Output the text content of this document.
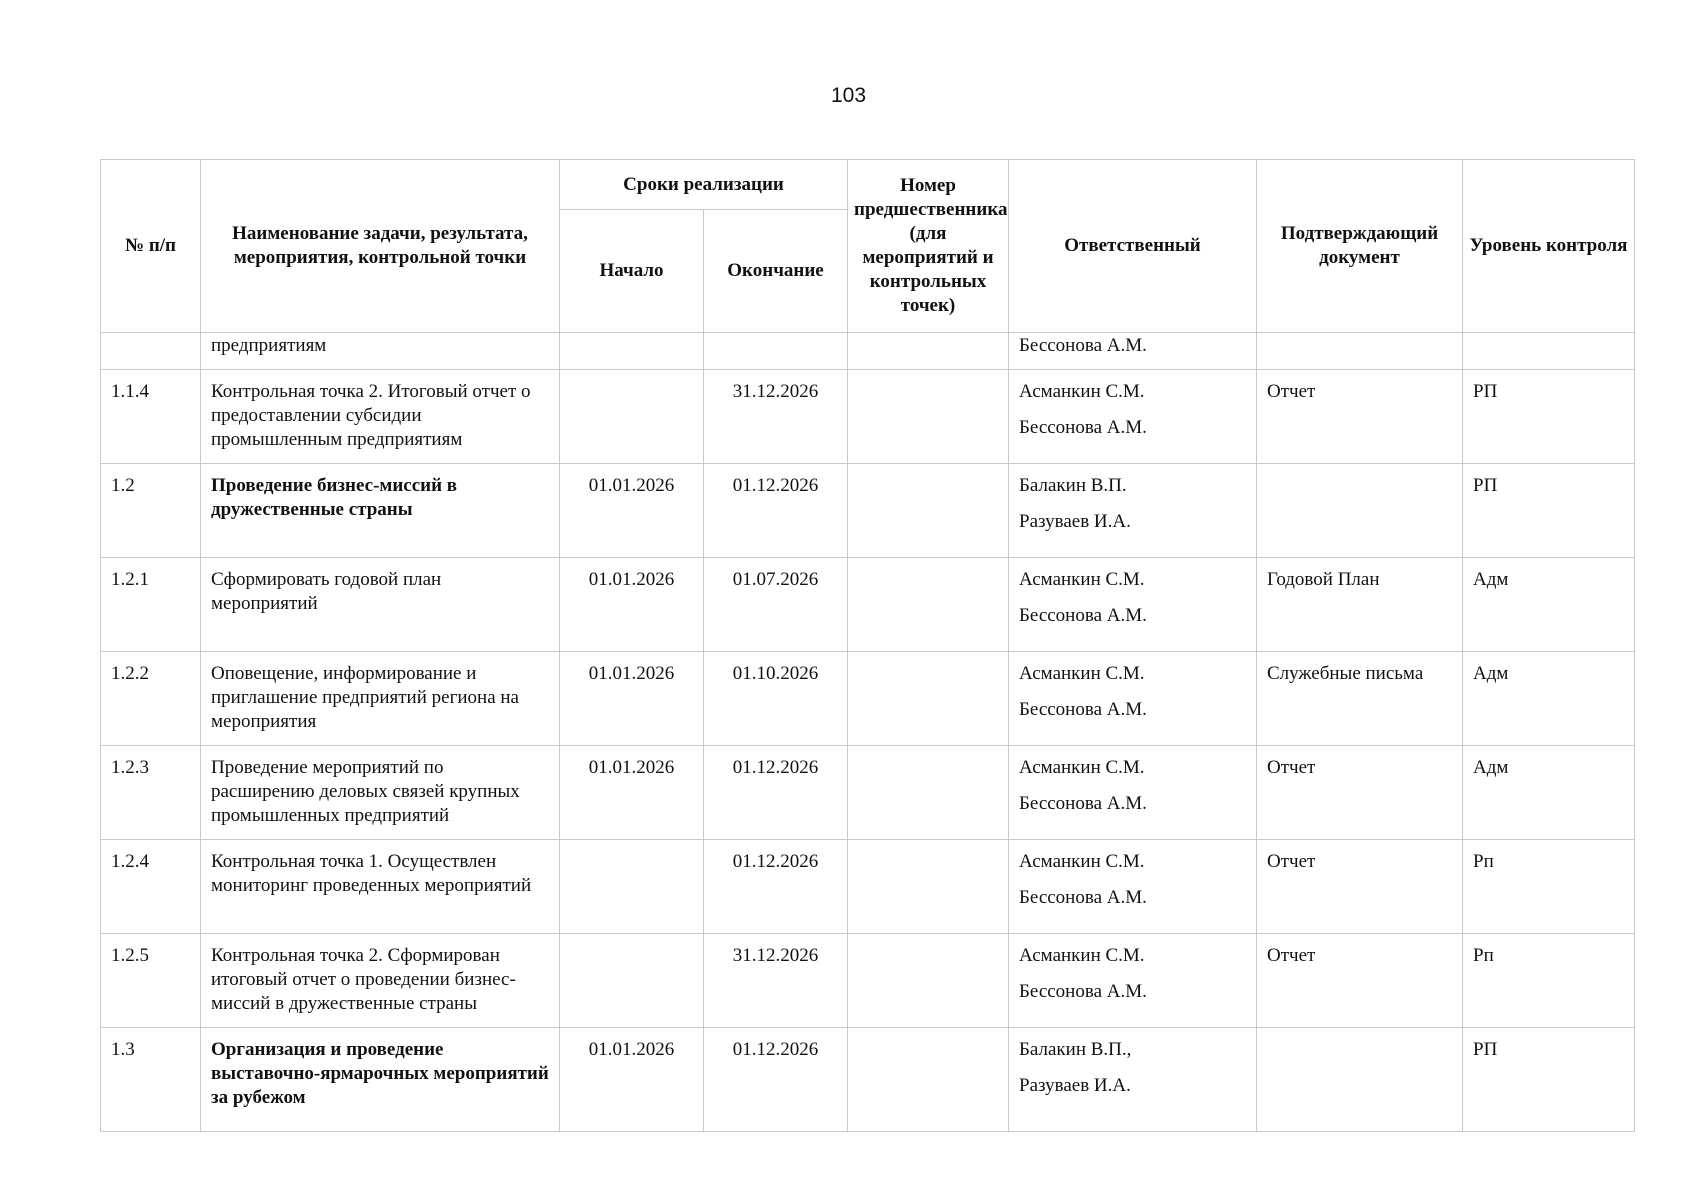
103
№ п/п	Наименование задачи, результата, мероприятия, контрольной точки	Сроки реализации		Номер предшественника (для мероприятий и контрольных точек)	Ответственный	Подтверждающий документ	Уровень контроля
		Начало	Окончание				
	предприятиям				Бессонова А.М.		
1.1.4	Контрольная точка 2. Итоговый отчет о предоставлении субсидии промышленным предприятиям		31.12.2026		Асманкин С.М.
Бессонова А.М.	Отчет	РП
1.2	Проведение бизнес-миссий в дружественные страны	01.01.2026	01.12.2026		Балакин В.П.
Разуваев И.А.		РП
1.2.1	Сформировать годовой план мероприятий	01.01.2026	01.07.2026		Асманкин С.М.
Бессонова А.М.	Годовой План	Адм
1.2.2	Оповещение, информирование и приглашение предприятий региона на мероприятия	01.01.2026	01.10.2026		Асманкин С.М.
Бессонова А.М.	Служебные письма	Адм
1.2.3	Проведение мероприятий по расширению деловых связей крупных промышленных предприятий	01.01.2026	01.12.2026		Асманкин С.М.
Бессонова А.М.	Отчет	Адм
1.2.4	Контрольная точка 1. Осуществлен мониторинг проведенных мероприятий		01.12.2026		Асманкин С.М.
Бессонова А.М.	Отчет	Рп
1.2.5	Контрольная точка 2. Сформирован итоговый отчет о проведении бизнес-миссий в дружественные страны		31.12.2026		Асманкин С.М.
Бессонова А.М.	Отчет	Рп
1.3	Организация и проведение выставочно-ярмарочных мероприятий за рубежом	01.01.2026	01.12.2026		Балакин В.П.,
Разуваев И.А.		РП
